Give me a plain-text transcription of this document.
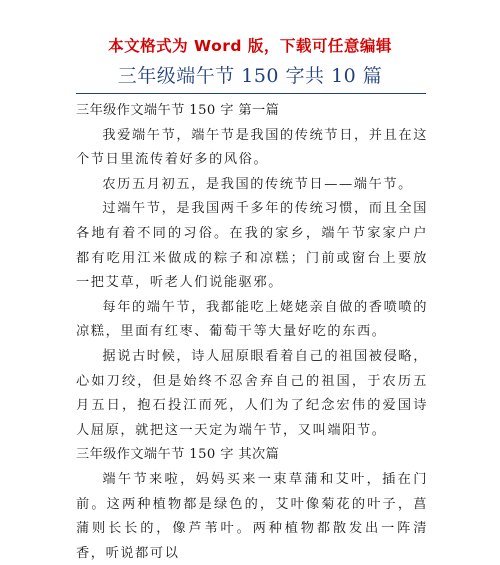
本文格式为 Word 版，下载可任意编辑
三年级端午节 150 字共 10 篇

三年级作文端午节 150 字 第一篇

我爱端午节，端午节是我国的传统节日，并且在这个节日里流传着好多的风俗。

农历五月初五，是我国的传统节日——端午节。

过端午节，是我国两千多年的传统习惯，而且全国各地有着不同的习俗。在我的家乡，端午节家家户户都有吃用江米做成的粽子和凉糕；门前或窗台上要放一把艾草，听老人们说能驱邪。

每年的端午节，我都能吃上姥姥亲自做的香喷喷的凉糕，里面有红枣、葡萄干等大量好吃的东西。

据说古时候，诗人屈原眼看着自己的祖国被侵略，心如刀绞，但是始终不忍舍弃自己的祖国，于农历五月五日，抱石投江而死，人们为了纪念宏伟的爱国诗人屈原，就把这一天定为端午节，又叫端阳节。

三年级作文端午节 150 字 其次篇

端午节来啦，妈妈买来一束草蒲和艾叶，插在门前。这两种植物都是绿色的，艾叶像菊花的叶子，菖蒲则长长的，像芦苇叶。两种植物都散发出一阵清香，听说都可以
